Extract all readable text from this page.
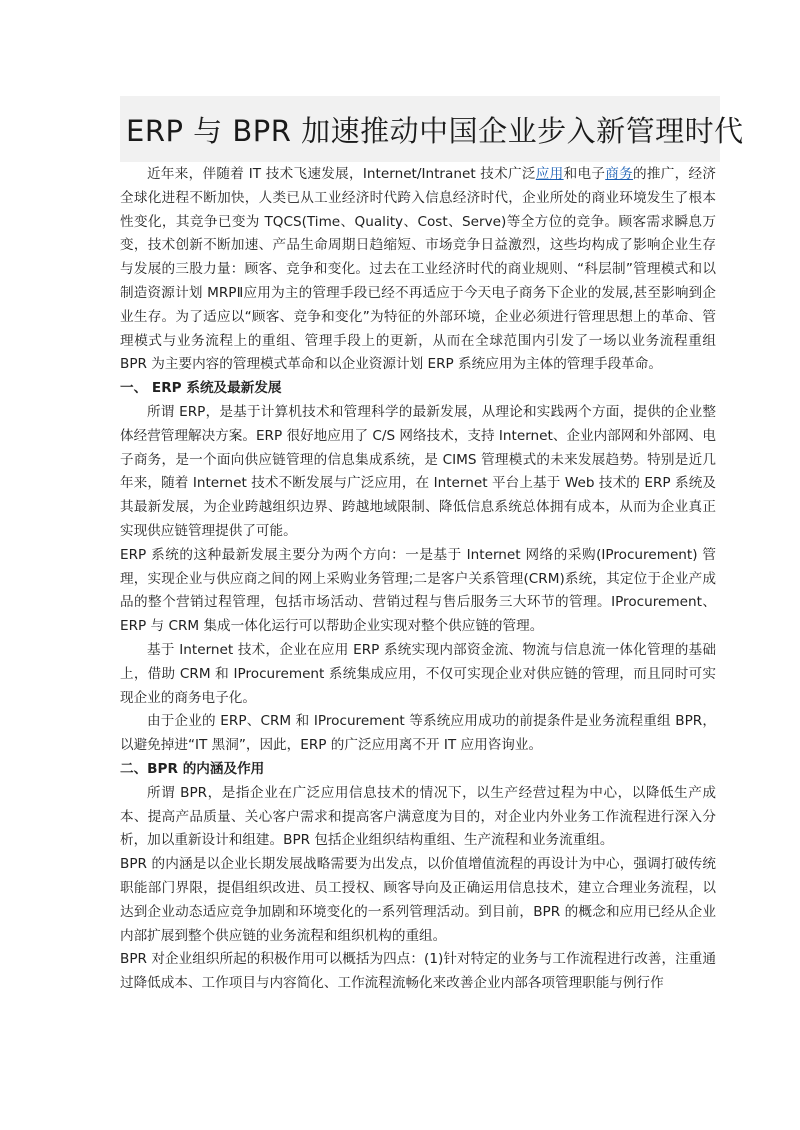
ERP 与 BPR 加速推动中国企业步入新管理时代

近年来，伴随着 IT 技术飞速发展，Internet/Intranet 技术广泛应用和电子商务的推广，经济全球化进程不断加快，人类已从工业经济时代跨入信息经济时代，企业所处的商业环境发生了根本性变化，其竞争已变为 TQCS(Time、Quality、Cost、Serve)等全方位的竞争。顾客需求瞬息万变，技术创新不断加速、产品生命周期日趋缩短、市场竞争日益激烈，这些均构成了影响企业生存与发展的三股力量：顾客、竞争和变化。过去在工业经济时代的商业规则、“科层制”管理模式和以制造资源计划 MRPⅡ应用为主的管理手段已经不再适应于今天电子商务下企业的发展,甚至影响到企业生存。为了适应以“顾客、竞争和变化”为特征的外部环境，企业必须进行管理思想上的革命、管理模式与业务流程上的重组、管理手段上的更新，从而在全球范围内引发了一场以业务流程重组 BPR 为主要内容的管理模式革命和以企业资源计划 ERP 系统应用为主体的管理手段革命。

一、 ERP 系统及最新发展

所谓 ERP，是基于计算机技术和管理科学的最新发展，从理论和实践两个方面，提供的企业整体经营管理解决方案。ERP 很好地应用了 C/S 网络技术，支持 Internet、企业内部网和外部网、电子商务，是一个面向供应链管理的信息集成系统，是 CIMS 管理模式的未来发展趋势。特别是近几年来，随着 Internet 技术不断发展与广泛应用，在 Internet 平台上基于 Web 技术的 ERP 系统及其最新发展，为企业跨越组织边界、跨越地域限制、降低信息系统总体拥有成本，从而为企业真正实现供应链管理提供了可能。

ERP 系统的这种最新发展主要分为两个方向：一是基于 Internet 网络的采购(IProcurement) 管理，实现企业与供应商之间的网上采购业务管理;二是客户关系管理(CRM)系统，其定位于企业产成品的整个营销过程管理，包括市场活动、营销过程与售后服务三大环节的管理。IProcurement、ERP 与 CRM 集成一体化运行可以帮助企业实现对整个供应链的管理。

基于 Internet 技术，企业在应用 ERP 系统实现内部资金流、物流与信息流一体化管理的基础上，借助 CRM 和 IProcurement 系统集成应用，不仅可实现企业对供应链的管理，而且同时可实现企业的商务电子化。

由于企业的 ERP、CRM 和 IProcurement 等系统应用成功的前提条件是业务流程重组 BPR，以避免掉进“IT 黑洞”，因此，ERP 的广泛应用离不开 IT 应用咨询业。

二、BPR 的内涵及作用

所谓 BPR，是指企业在广泛应用信息技术的情况下，以生产经营过程为中心，以降低生产成本、提高产品质量、关心客户需求和提高客户满意度为目的，对企业内外业务工作流程进行深入分析，加以重新设计和组建。BPR 包括企业组织结构重组、生产流程和业务流重组。

BPR 的内涵是以企业长期发展战略需要为出发点，以价值增值流程的再设计为中心，强调打破传统职能部门界限，提倡组织改进、员工授权、顾客导向及正确运用信息技术，建立合理业务流程，以达到企业动态适应竞争加剧和环境变化的一系列管理活动。到目前，BPR 的概念和应用已经从企业内部扩展到整个供应链的业务流程和组织机构的重组。

BPR 对企业组织所起的积极作用可以概括为四点：(1)针对特定的业务与工作流程进行改善，注重通过降低成本、工作项目与内容简化、工作流程流畅化来改善企业内部各项管理职能与例行作
